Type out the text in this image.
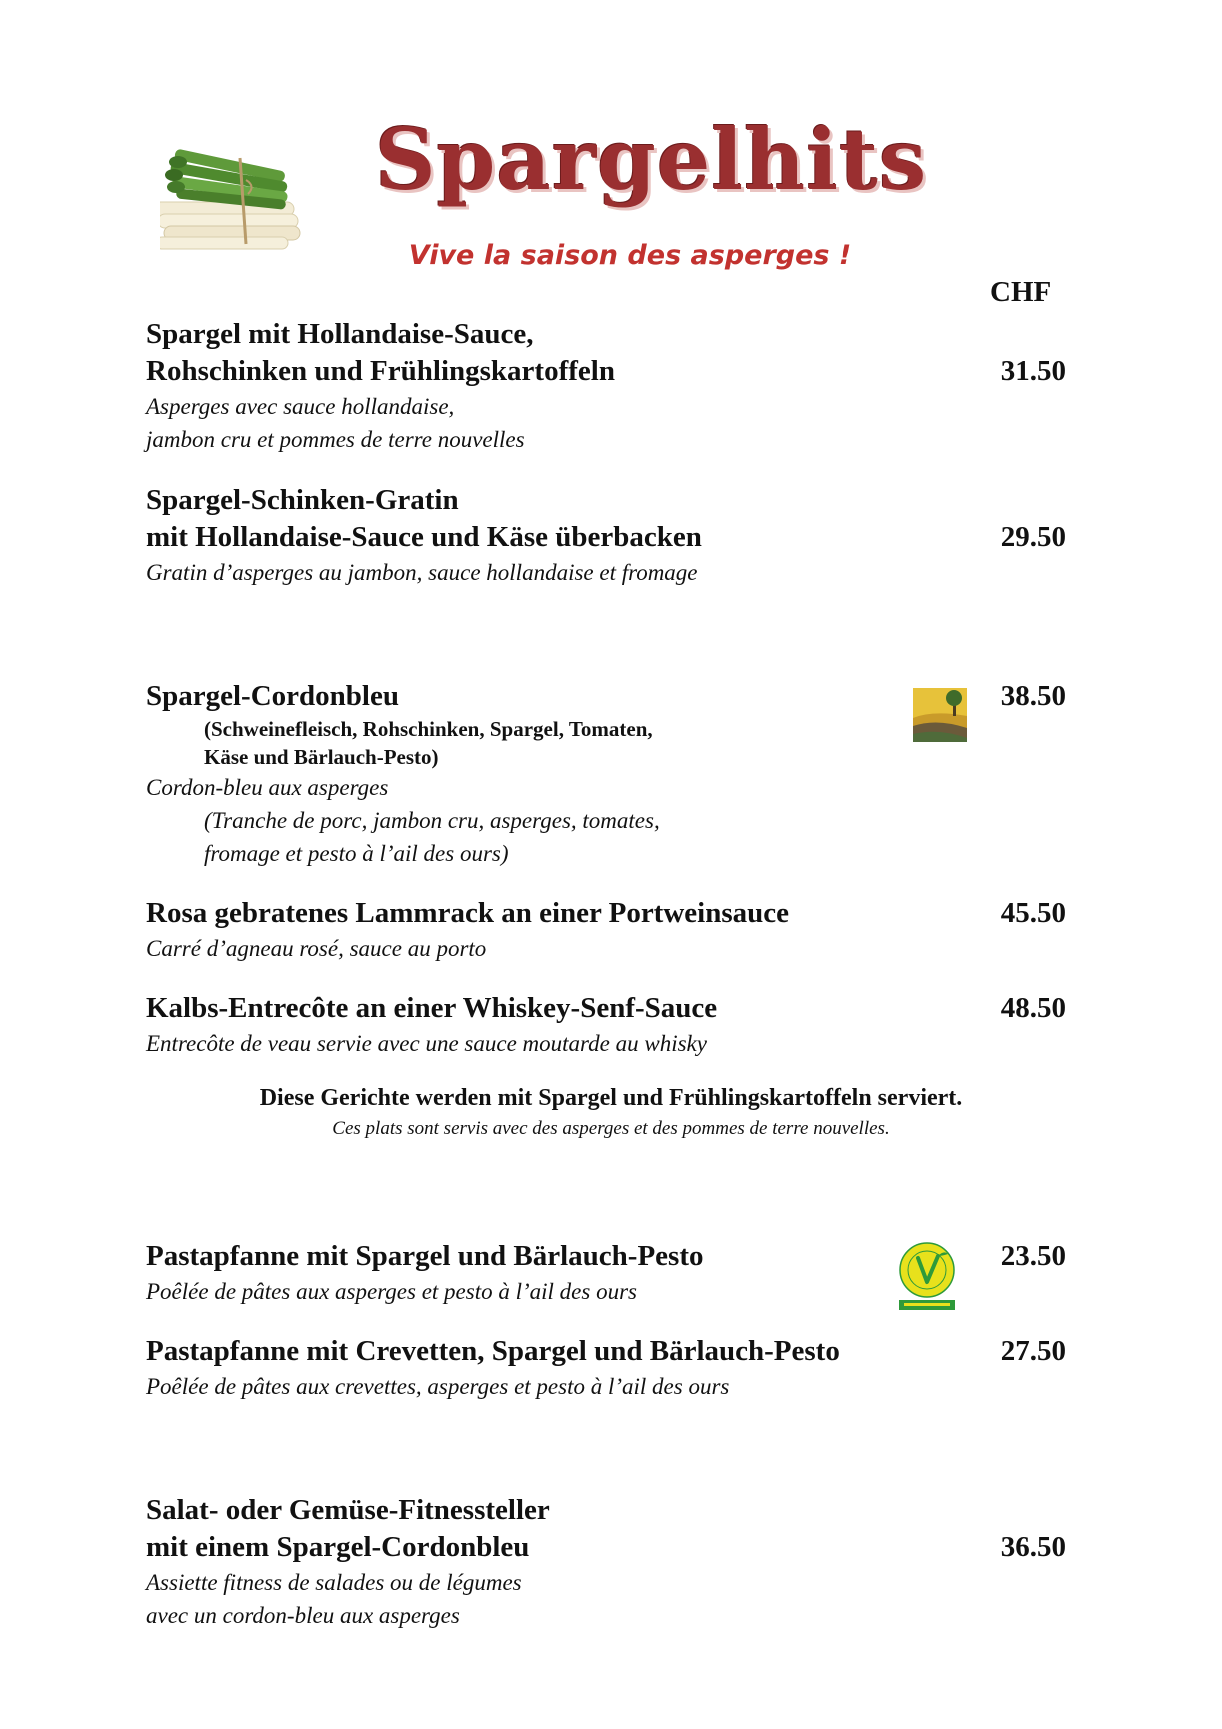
Spargelhits
Vive la saison des asperges !
CHF
Spargel mit Hollandaise-Sauce,
Rohschinken und Frühlingskartoffeln	31.50
Asperges avec sauce hollandaise,
jambon cru et pommes de terre nouvelles
Spargel-Schinken-Gratin
mit Hollandaise-Sauce und Käse überbacken	29.50
Gratin d’asperges au jambon, sauce hollandaise et fromage
Spargel-Cordonbleu	38.50
(Schweinefleisch, Rohschinken, Spargel, Tomaten,
Käse und Bärlauch-Pesto)
Cordon-bleu aux asperges
(Tranche de porc, jambon cru, asperges, tomates,
fromage et pesto à l’ail des ours)
Rosa gebratenes Lammrack an einer Portweinsauce	45.50
Carré d’agneau rosé, sauce au porto
Kalbs-Entrecôte an einer Whiskey-Senf-Sauce	48.50
Entrecôte de veau servie avec une sauce moutarde au whisky
Diese Gerichte werden mit Spargel und Frühlingskartoffeln serviert.
Ces plats sont servis avec des asperges et des pommes de terre nouvelles.
Pastapfanne mit Spargel und Bärlauch-Pesto	23.50
Poêlée de pâtes aux asperges et pesto à l’ail des ours
Pastapfanne mit Crevetten, Spargel und Bärlauch-Pesto	27.50
Poêlée de pâtes aux crevettes, asperges et pesto à l’ail des ours
Salat- oder Gemüse-Fitnessteller
mit einem Spargel-Cordonbleu	36.50
Assiette fitness de salades ou de légumes
avec un cordon-bleu aux asperges
